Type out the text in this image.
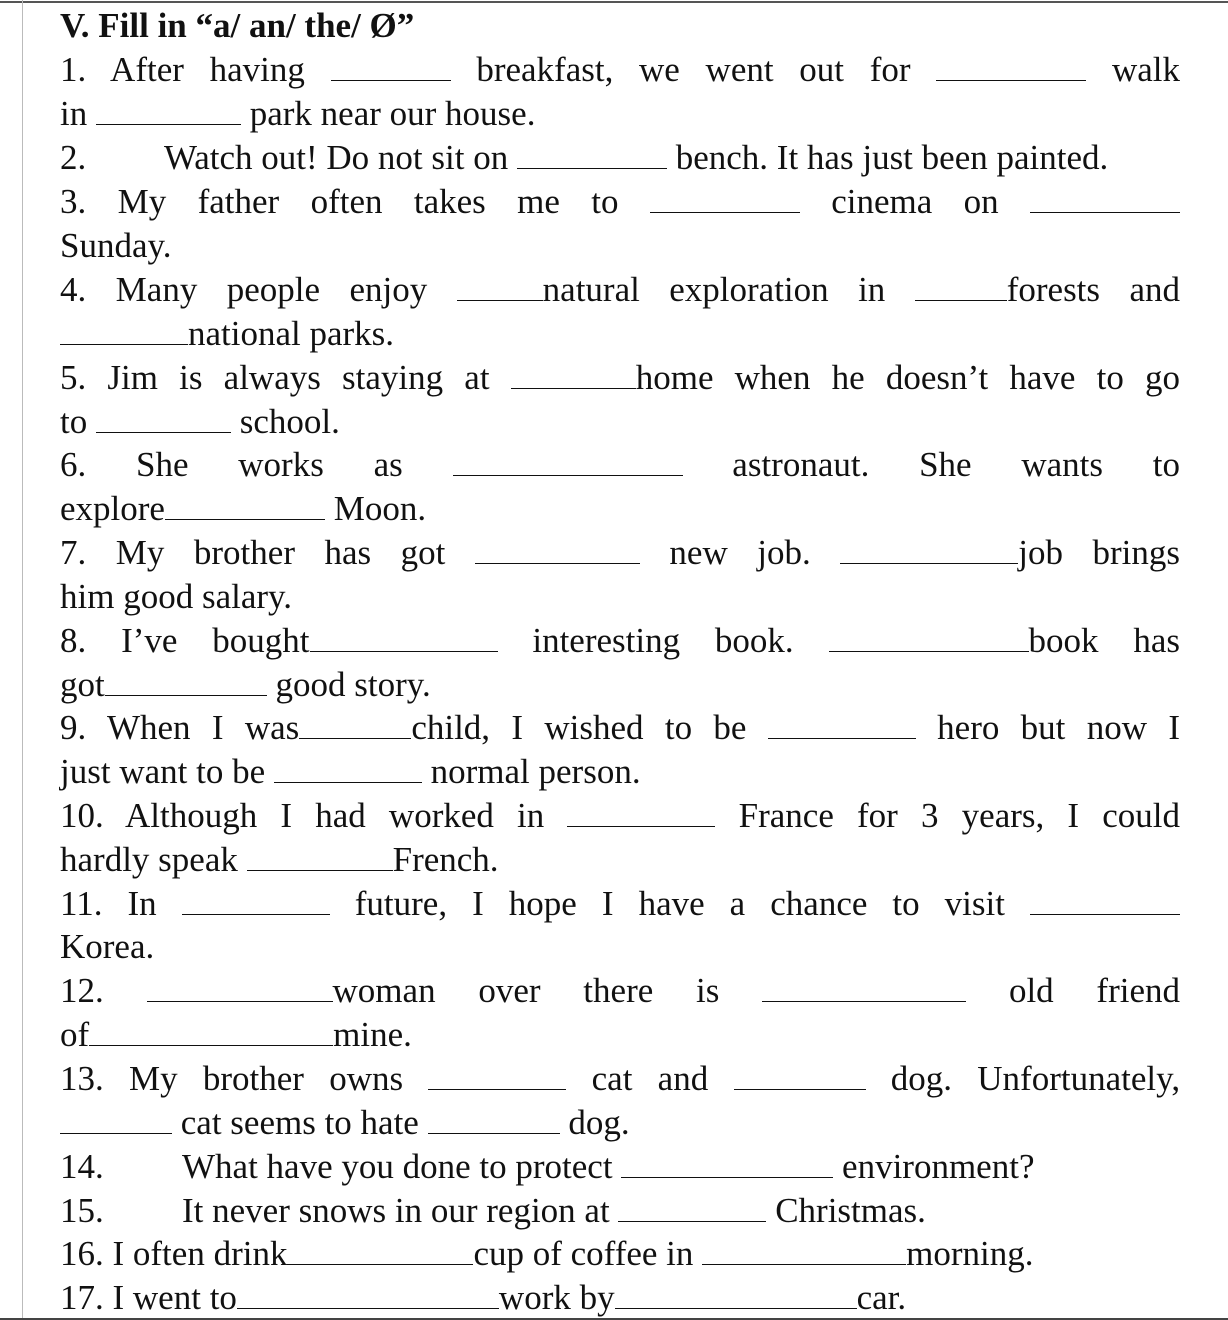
V. Fill in “a/ an/ the/ Ø”
1. After having	breakfast, we went out for	walk
in	park near our house.
2. Watch out! Do not sit on	bench. It has just been painted.
3. My father often takes me to	cinema on
Sunday.
4. Many people enjoy	natural exploration in	forests and
national parks.
5. Jim is always staying at	home when he doesn’t have to go
to	school.
6. She works as	astronaut. She wants to
explore	Moon.
7. My brother has got	new job.	job brings
him good salary.
8. I’ve bought	interesting book.	book has
got	good story.
9. When I was	child, I wished to be	hero but now I
just want to be	normal person.
10. Although I had worked in	France for 3 years, I could
hardly speak	French.
11. In	future, I hope I have a chance to visit
Korea.
12.	woman over there is	old friend
of	mine.
13. My brother owns	cat and	dog. Unfortunately,
cat seems to hate	dog.
14. What have you done to protect	environment?
15. It never snows in our region at	Christmas.
16. I often drink	cup of coffee in	morning.
17. I went to	work by	car.
